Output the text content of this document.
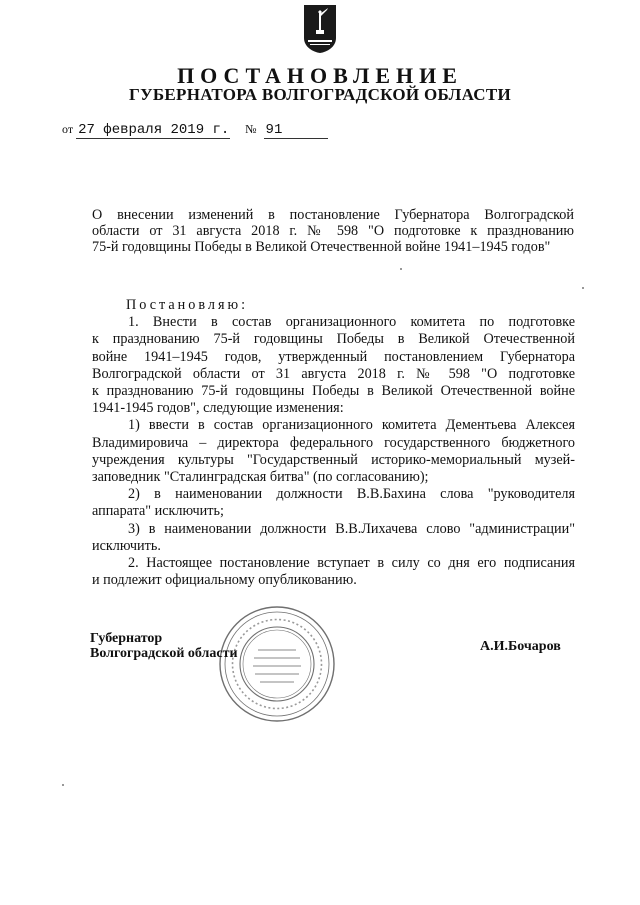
ПОСТАНОВЛЕНИЕ
ГУБЕРНАТОРА ВОЛГОГРАДСКОЙ ОБЛАСТИ
от 27 февраля 2019 г. № 91
О внесении изменений в постановление Губернатора Волгоградской
области от 31 августа 2018 г. № 598 "О подготовке к празднованию
75-й годовщины Победы в Великой Отечественной войне 1941–1945 годов"
Постановляю:
1. Внести в состав организационного комитета по подготовке
к празднованию 75-й годовщины Победы в Великой Отечественной
войне 1941–1945 годов, утвержденный постановлением Губернатора
Волгоградской области от 31 августа 2018 г. № 598 "О подготовке
к празднованию 75-й годовщины Победы в Великой Отечественной войне
1941-1945 годов", следующие изменения:
1) ввести в состав организационного комитета Дементьева Алексея
Владимировича – директора федерального государственного бюджетного
учреждения культуры "Государственный историко-мемориальный музей-
заповедник "Сталинградская битва" (по согласованию);
2) в наименовании должности В.В.Бахина слова "руководителя
аппарата" исключить;
3) в наименовании должности В.В.Лихачева слово "администрации"
исключить.
2. Настоящее постановление вступает в силу со дня его подписания
и подлежит официальному опубликованию.
Губернатор
Волгоградской области	А.И.Бочаров
